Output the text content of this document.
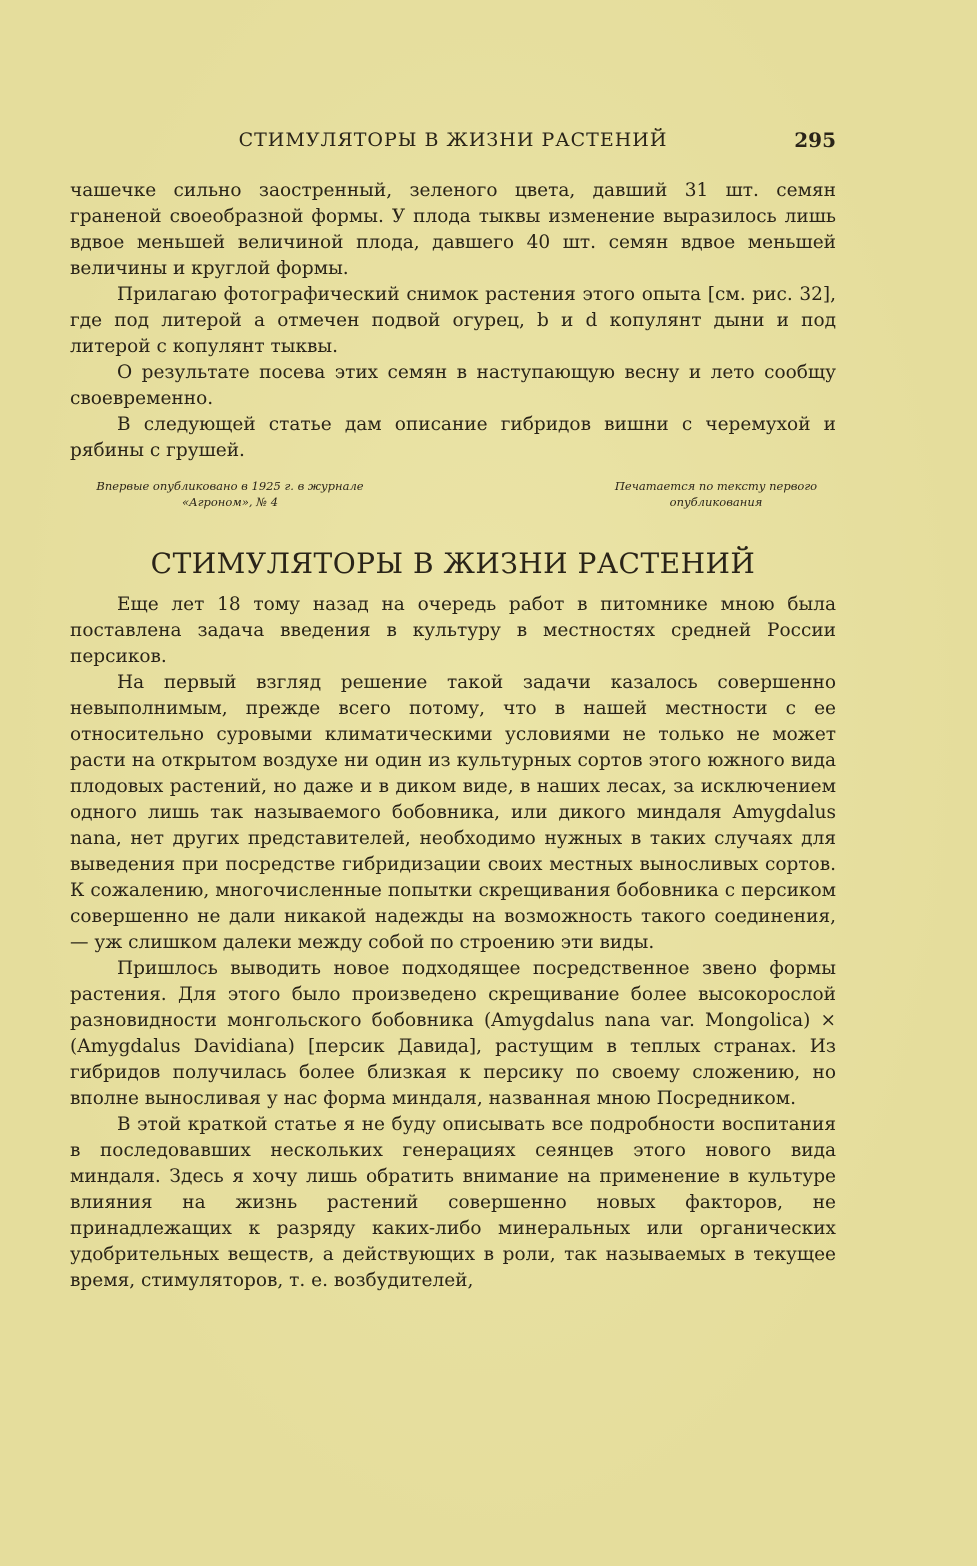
СТИМУЛЯТОРЫ В ЖИЗНИ РАСТЕНИЙ	295

чашечке сильно заостренный, зеленого цвета, давший 31 шт. семян граненой своеобразной формы. У плода тыквы изменение выразилось лишь вдвое меньшей величиной плода, давшего 40 шт. семян вдвое меньшей величины и круглой формы.

Прилагаю фотографический снимок растения этого опыта [см. рис. 32], где под литерой a отмечен подвой огурец, b и d копулянт дыни и под литерой c копулянт тыквы.

О результате посева этих семян в наступающую весну и лето сообщу своевременно.

В следующей статье дам описание гибридов вишни с черемухой и рябины с грушей.

Впервые опубликовано в 1925 г. в журнале
«Агроном», № 4
Печатается по тексту первого
опубликования
СТИМУЛЯТОРЫ В ЖИЗНИ РАСТЕНИЙ

Еще лет 18 тому назад на очередь работ в питомнике мною была поставлена задача введения в культуру в местностях средней России персиков.

На первый взгляд решение такой задачи казалось совершенно невыполнимым, прежде всего потому, что в нашей местности с ее относительно суровыми климатическими условиями не только не может расти на открытом воздухе ни один из культурных сортов этого южного вида плодовых растений, но даже и в диком виде, в наших лесах, за исключением одного лишь так называемого бобовника, или дикого миндаля Amygdalus nana, нет других представителей, необходимо нужных в таких случаях для выведения при посредстве гибридизации своих местных выносливых сортов. К сожалению, многочисленные попытки скрещивания бобовника с персиком совершенно не дали никакой надежды на возможность такого соединения, — уж слишком далеки между собой по строению эти виды.

Пришлось выводить новое подходящее посредственное звено формы растения. Для этого было произведено скрещивание более высокорослой разновидности монгольского бобовника (Amygdalus nana var. Mongolica) × (Amygdalus Davidiana) [персик Давида], растущим в теплых странах. Из гибридов получилась более близкая к персику по своему сложению, но вполне выносливая у нас форма миндаля, названная мною Посредником.

В этой краткой статье я не буду описывать все подробности воспитания в последовавших нескольких генерациях сеянцев этого нового вида миндаля. Здесь я хочу лишь обратить внимание на применение в культуре влияния на жизнь растений совершенно новых факторов, не принадлежащих к разряду каких-либо минеральных или органических удобрительных веществ, а действующих в роли, так называемых в текущее время, стимуляторов, т. е. возбудителей,
